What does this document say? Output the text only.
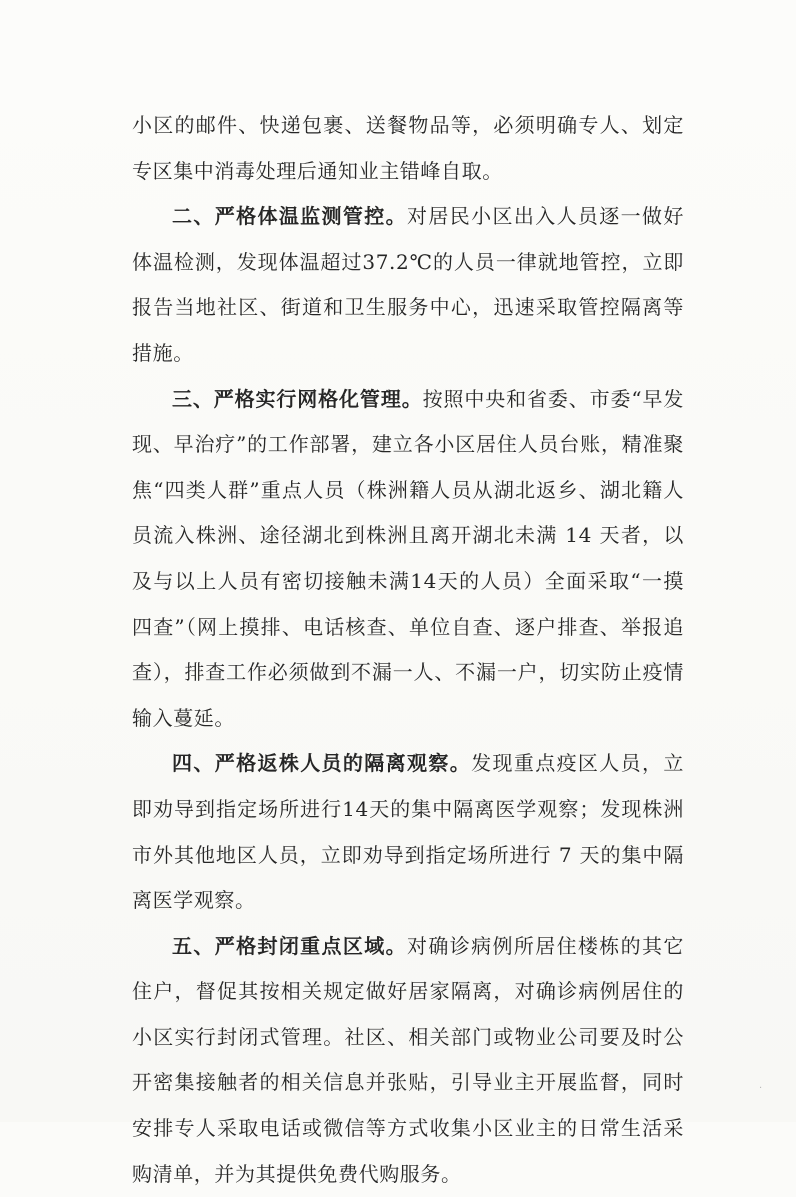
小区的邮件、快递包裹、送餐物品等，必须明确专人、划定专区集中消毒处理后通知业主错峰自取。

二、严格体温监测管控。对居民小区出入人员逐一做好体温检测，发现体温超过37.2℃的人员一律就地管控，立即报告当地社区、街道和卫生服务中心，迅速采取管控隔离等措施。

三、严格实行网格化管理。按照中央和省委、市委“早发现、早治疗”的工作部署，建立各小区居住人员台账，精准聚焦“四类人群”重点人员（株洲籍人员从湖北返乡、湖北籍人员流入株洲、途径湖北到株洲且离开湖北未满 14 天者，以及与以上人员有密切接触未满14天的人员）全面采取“一摸四查”（网上摸排、电话核查、单位自查、逐户排查、举报追查），排查工作必须做到不漏一人、不漏一户，切实防止疫情输入蔓延。

四、严格返株人员的隔离观察。发现重点疫区人员，立即劝导到指定场所进行14天的集中隔离医学观察；发现株洲市外其他地区人员，立即劝导到指定场所进行 7 天的集中隔离医学观察。

五、严格封闭重点区域。对确诊病例所居住楼栋的其它住户，督促其按相关规定做好居家隔离，对确诊病例居住的小区实行封闭式管理。社区、相关部门或物业公司要及时公开密集接触者的相关信息并张贴，引导业主开展监督，同时安排专人采取电话或微信等方式收集小区业主的日常生活采购清单，并为其提供免费代购服务。

·
